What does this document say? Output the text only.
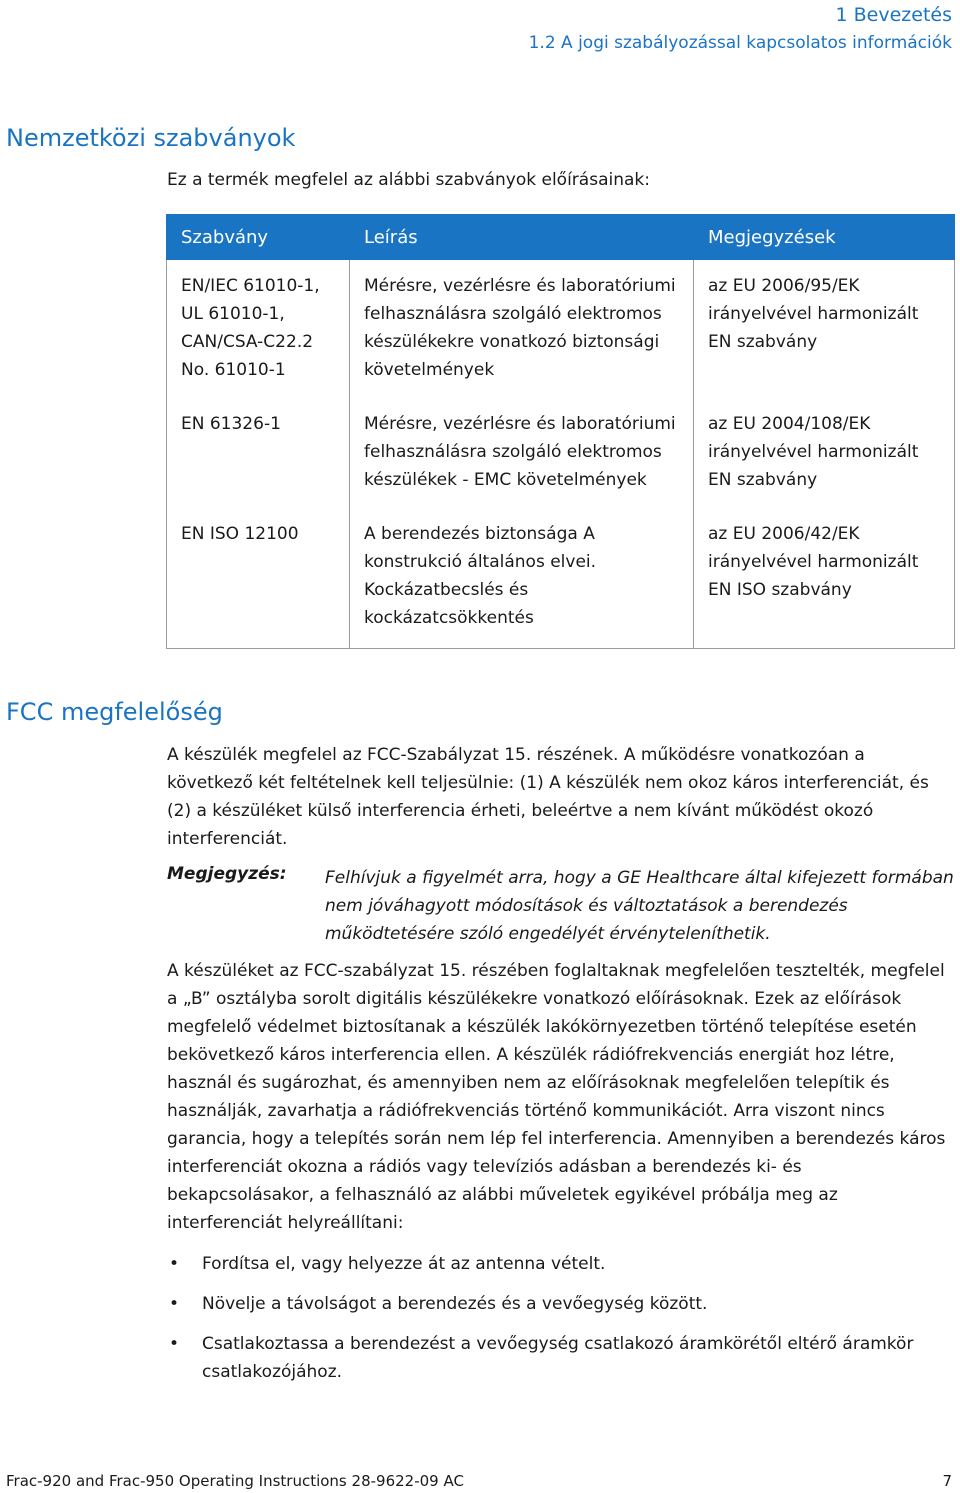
1 Bevezetés
1.2 A jogi szabályozással kapcsolatos információk
Nemzetközi szabványok
Ez a termék megfelel az alábbi szabványok előírásainak:
Szabvány	Leírás	Megjegyzések
EN/IEC 61010-1, UL 61010-1, CAN/CSA-C22.2 No. 61010-1	Mérésre, vezérlésre és laboratóriumi felhasználásra szolgáló elektromos készülékekre vonatkozó biztonsági követelmények	az EU 2006/95/EK irányelvével harmonizált EN szabvány
EN 61326-1	Mérésre, vezérlésre és laboratóriumi felhasználásra szolgáló elektromos készülékek - EMC követelmények	az EU 2004/108/EK irányelvével harmonizált EN szabvány
EN ISO 12100	A berendezés biztonsága A konstrukció általános elvei. Kockázatbecslés és kockázatcsökkentés	az EU 2006/42/EK irányelvével harmonizált EN ISO szabvány
FCC megfelelőség
A készülék megfelel az FCC-Szabályzat 15. részének. A működésre vonatkozóan a következő két feltételnek kell teljesülnie: (1) A készülék nem okoz káros interferenciát, és (2) a készüléket külső interferencia érheti, beleértve a nem kívánt működést okozó interferenciát.
Megjegyzés: Felhívjuk a figyelmét arra, hogy a GE Healthcare által kifejezett formában nem jóváhagyott módosítások és változtatások a berendezés működtetésére szóló engedélyét érvényteleníthetik.
A készüléket az FCC-szabályzat 15. részében foglaltaknak megfelelően tesztelték, megfelel a „B” osztályba sorolt digitális készülékekre vonatkozó előírásoknak. Ezek az előírások megfelelő védelmet biztosítanak a készülék lakókörnyezetben történő telepítése esetén bekövetkező káros interferencia ellen. A készülék rádiófrekvenciás energiát hoz létre, használ és sugározhat, és amennyiben nem az előírásoknak megfelelően telepítik és használják, zavarhatja a rádiófrekvenciás történő kommunikációt. Arra viszont nincs garancia, hogy a telepítés során nem lép fel interferencia. Amennyiben a berendezés káros interferenciát okozna a rádiós vagy televíziós adásban a berendezés ki- és bekapcsolásakor, a felhasználó az alábbi műveletek egyikével próbálja meg az interferenciát helyreállítani:
• Fordítsa el, vagy helyezze át az antenna vételt.
• Növelje a távolságot a berendezés és a vevőegység között.
• Csatlakoztassa a berendezést a vevőegység csatlakozó áramkörétől eltérő áramkör csatlakozójához.
Frac-920 and Frac-950 Operating Instructions 28-9622-09 AC	7
